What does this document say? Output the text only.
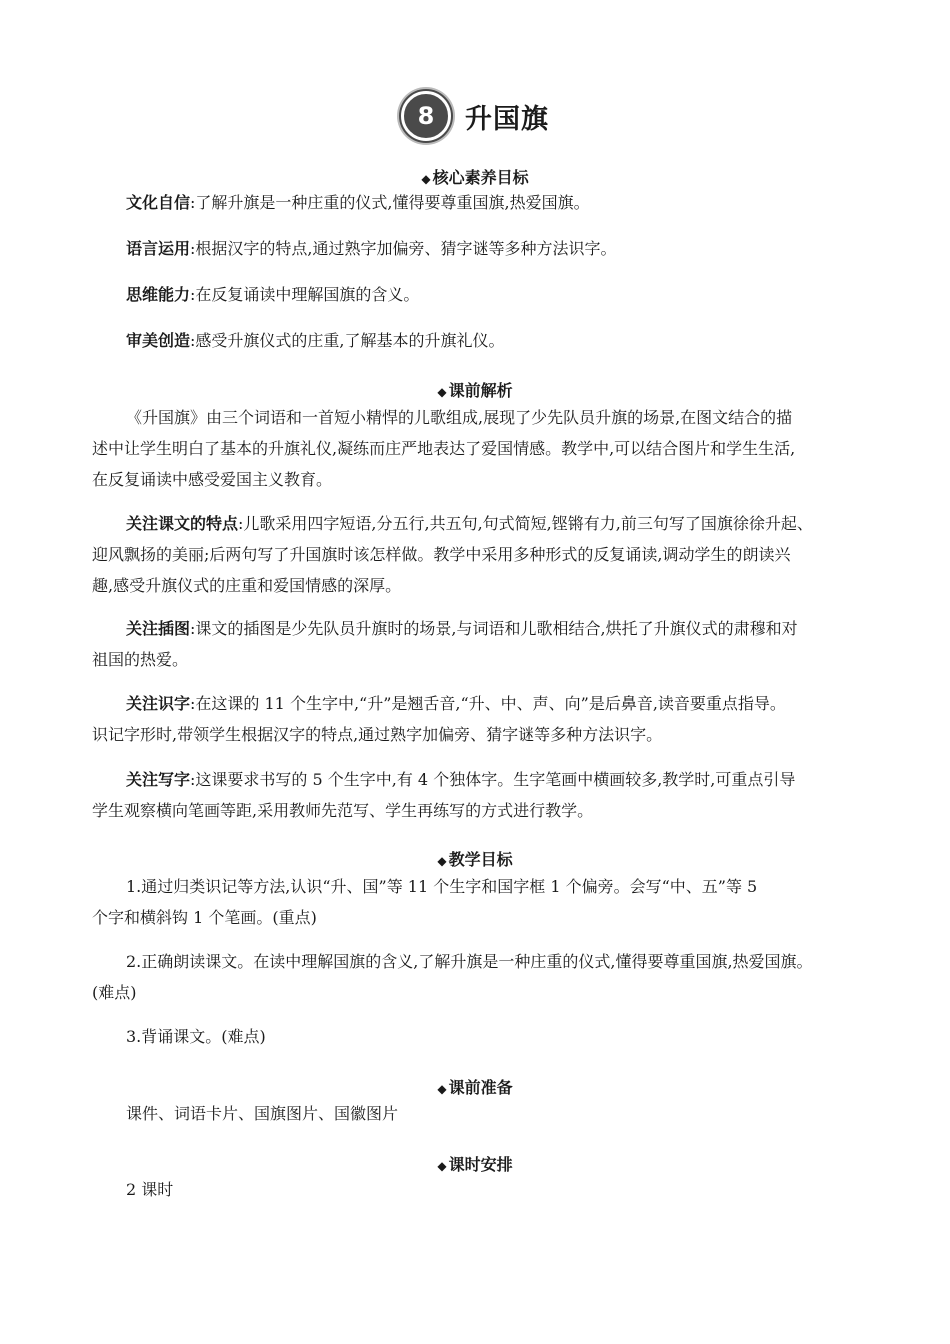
8	升国旗
◆ 核心素养目标
文化自信:了解升旗是一种庄重的仪式,懂得要尊重国旗,热爱国旗。
语言运用:根据汉字的特点,通过熟字加偏旁、猜字谜等多种方法识字。
思维能力:在反复诵读中理解国旗的含义。
审美创造:感受升旗仪式的庄重,了解基本的升旗礼仪。
◆ 课前解析

《升国旗》由三个词语和一首短小精悍的儿歌组成,展现了少先队员升旗的场景,在图文结合的描

述中让学生明白了基本的升旗礼仪,凝练而庄严地表达了爱国情感。教学中,可以结合图片和学生生活,

在反复诵读中感受爱国主义教育。

关注课文的特点:儿歌采用四字短语,分五行,共五句,句式简短,铿锵有力,前三句写了国旗徐徐升起、

迎风飘扬的美丽;后两句写了升国旗时该怎样做。教学中采用多种形式的反复诵读,调动学生的朗读兴

趣,感受升旗仪式的庄重和爱国情感的深厚。

关注插图:课文的插图是少先队员升旗时的场景,与词语和儿歌相结合,烘托了升旗仪式的肃穆和对

祖国的热爱。

关注识字:在这课的 11 个生字中,“升”是翘舌音,“升、中、声、向”是后鼻音,读音要重点指导。

识记字形时,带领学生根据汉字的特点,通过熟字加偏旁、猜字谜等多种方法识字。

关注写字:这课要求书写的 5 个生字中,有 4 个独体字。生字笔画中横画较多,教学时,可重点引导

学生观察横向笔画等距,采用教师先范写、学生再练写的方式进行教学。

◆ 教学目标

1.通过归类识记等方法,认识“升、国”等 11 个生字和国字框 1 个偏旁。会写“中、五”等 5

个字和横斜钩 1 个笔画。(重点)

2.正确朗读课文。在读中理解国旗的含义,了解升旗是一种庄重的仪式,懂得要尊重国旗,热爱国旗。

(难点)

3.背诵课文。(难点)

◆ 课前准备
课件、词语卡片、国旗图片、国徽图片
◆ 课时安排
2 课时
